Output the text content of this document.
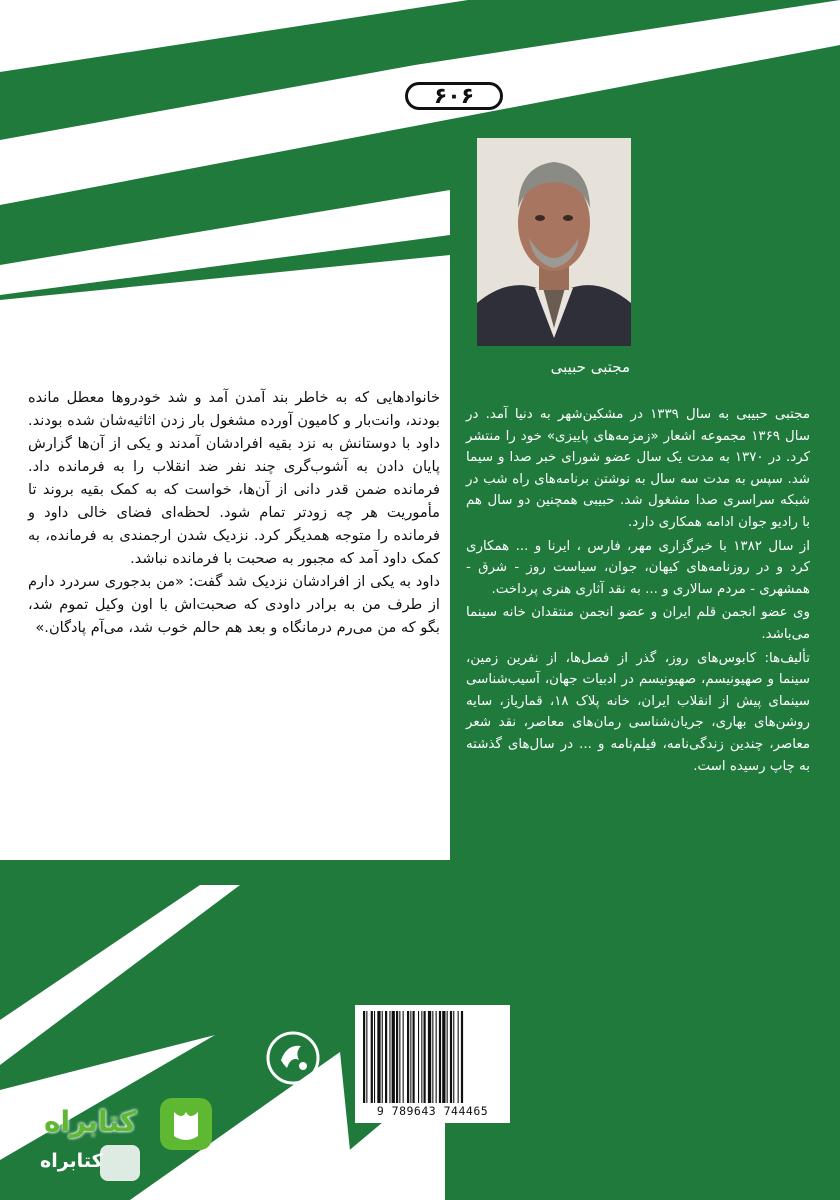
۶۰۶
مجتبی حبیبی

مجتبی حبیبی به سال ۱۳۳۹ در مشکین‌شهر به دنیا آمد. در سال ۱۳۶۹ مجموعه اشعار «زمزمه‌های پاییزی» خود را منتشر کرد. در ۱۳۷۰ به مدت یک سال عضو شورای خبر صدا و سیما شد. سپس به مدت سه سال به نوشتن برنامه‌های راه شب در شبکه سراسری صدا مشغول شد. حبیبی همچنین دو سال هم با رادیو جوان ادامه همکاری دارد.

از سال ۱۳۸۲ با خبرگزاری مهر، فارس ، ایرنا و ... همکاری کرد و در روزنامه‌های کیهان، جوان، سیاست روز - شرق - همشهری - مردم سالاری و ... به نقد آثاری هنری پرداخت.

وی عضو انجمن قلم ایران و عضو انجمن منتقدان خانه سینما می‌باشد.

تألیف‌ها: کابوس‌های روز، گذر از فصل‌ها، از نفرین زمین، سینما و صهیونیسم، صهیونیسم در ادبیات جهان، آسیب‌شناسی سینمای پیش از انقلاب ایران، خانه پلاک ۱۸، قماریاز، سایه روشن‌های بهاری، جریان‌شناسی رمان‌های معاصر، نقد شعر معاصر، چندین زندگی‌نامه، فیلم‌نامه و ... در سال‌های گذشته به چاپ رسیده است.

خانوادهایی که به خاطر بند آمدن آمد و شد خودروها معطل مانده بودند، وانت‌بار و کامیون آورده مشغول بار زدن اثاثیه‌شان شده بودند. داود با دوستانش به نزد بقیه افرادشان آمدند و یکی از آن‌ها گزارش پایان دادن به آشوب‌گری چند نفر ضد انقلاب را به فرمانده داد. فرمانده ضمن قدر دانی از آن‌ها، خواست که به کمک بقیه بروند تا مأموریت هر چه زودتر تمام شود. لحظه‌ای فضای خالی داود و فرمانده را متوجه همدیگر کرد. نزدیک شدن ارجمندی به فرمانده، به کمک داود آمد که مجبور به صحبت با فرمانده نباشد.

داود به یکی از افرادشان نزدیک شد گفت: «من بدجوری سردرد دارم از طرف من به برادر داودی که صحبت‌اش با اون وکیل تموم شد، بگو که من می‌رم درمانگاه و بعد هم حالم خوب شد، می‌آم پادگان.»

9 789643 744465
روزگار
کتابراه
کتابراه
